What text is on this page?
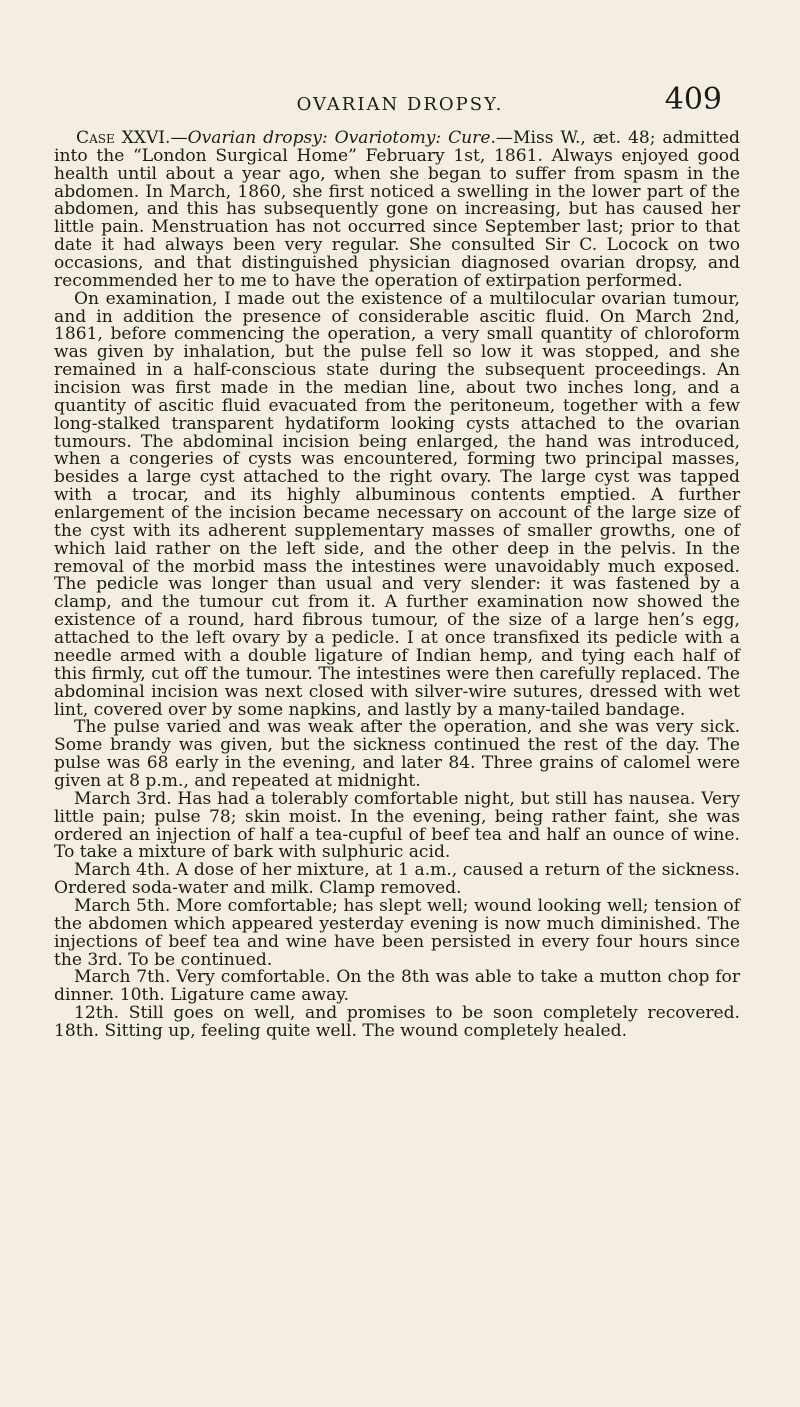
OVARIAN DROPSY.	409

Case XXVI.—Ovarian dropsy: Ovariotomy: Cure.—Miss W., æt. 48; admitted into the “London Surgical Home” February 1st, 1861. Always enjoyed good health until about a year ago, when she began to suffer from spasm in the abdomen. In March, 1860, she first noticed a swelling in the lower part of the abdomen, and this has subsequently gone on increasing, but has caused her little pain. Menstruation has not occurred since September last; prior to that date it had always been very regular. She consulted Sir C. Locock on two occasions, and that distinguished physician diagnosed ovarian dropsy, and recommended her to me to have the operation of extirpation performed.

On examination, I made out the existence of a multilocular ovarian tumour, and in addition the presence of considerable ascitic fluid. On March 2nd, 1861, before commencing the operation, a very small quantity of chloroform was given by inhalation, but the pulse fell so low it was stopped, and she remained in a half-conscious state during the subsequent proceedings. An incision was first made in the median line, about two inches long, and a quantity of ascitic fluid evacuated from the peritoneum, together with a few long-stalked transparent hydatiform looking cysts attached to the ovarian tumours. The abdominal incision being enlarged, the hand was introduced, when a congeries of cysts was encountered, forming two principal masses, besides a large cyst attached to the right ovary. The large cyst was tapped with a trocar, and its highly albuminous contents emptied. A further enlargement of the incision became necessary on account of the large size of the cyst with its adherent supplementary masses of smaller growths, one of which laid rather on the left side, and the other deep in the pelvis. In the removal of the morbid mass the intestines were unavoidably much exposed. The pedicle was longer than usual and very slender: it was fastened by a clamp, and the tumour cut from it. A further examination now showed the existence of a round, hard fibrous tumour, of the size of a large hen’s egg, attached to the left ovary by a pedicle. I at once transfixed its pedicle with a needle armed with a double ligature of Indian hemp, and tying each half of this firmly, cut off the tumour. The intestines were then carefully replaced. The abdominal incision was next closed with silver-wire sutures, dressed with wet lint, covered over by some napkins, and lastly by a many-tailed bandage.

The pulse varied and was weak after the operation, and she was very sick. Some brandy was given, but the sickness continued the rest of the day. The pulse was 68 early in the evening, and later 84. Three grains of calomel were given at 8 p.m., and repeated at midnight.

March 3rd. Has had a tolerably comfortable night, but still has nausea. Very little pain; pulse 78; skin moist. In the evening, being rather faint, she was ordered an injection of half a tea-cupful of beef tea and half an ounce of wine. To take a mixture of bark with sulphuric acid.

March 4th. A dose of her mixture, at 1 a.m., caused a return of the sickness. Ordered soda-water and milk. Clamp removed.

March 5th. More comfortable; has slept well; wound looking well; tension of the abdomen which appeared yesterday evening is now much diminished. The injections of beef tea and wine have been persisted in every four hours since the 3rd. To be continued.

March 7th. Very comfortable. On the 8th was able to take a mutton chop for dinner. 10th. Ligature came away.

12th. Still goes on well, and promises to be soon completely recovered. 18th. Sitting up, feeling quite well. The wound completely healed.
